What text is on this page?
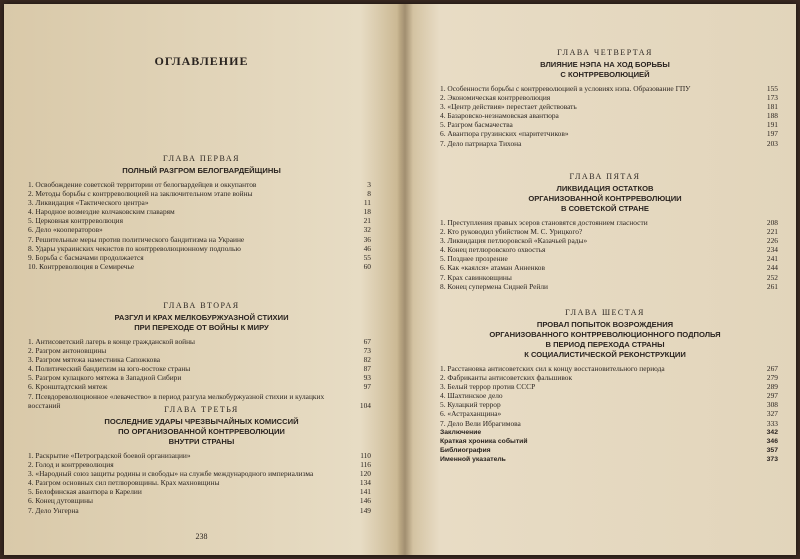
ОГЛАВЛЕНИЕ
ГЛАВА ПЕРВАЯ
ПОЛНЫЙ РАЗГРОМ БЕЛОГВАРДЕЙЩИНЫ
1. Освобождение советской территории от белогвардейцев и оккупантов	3
2. Методы борьбы с контрреволюцией на заключительном этапе войны	8
3. Ликвидация «Тактического центра»	11
4. Народное возмездие колчаковским главарям	18
5. Церковная контрреволюция	21
6. Дело «кооператоров»	32
7. Решительные меры против политического бандитизма на Украине	36
8. Удары украинских чекистов по контрреволюционному подполью	46
9. Борьба с басмачами продолжается	55
10. Контрреволюция в Семиречье	60
ГЛАВА ВТОРАЯ
РАЗГУЛ И КРАХ МЕЛКОБУРЖУАЗНОЙ СТИХИИ
ПРИ ПЕРЕХОДЕ ОТ ВОЙНЫ К МИРУ
1. Антисоветский лагерь в конце гражданской войны	67
2. Разгром антоновщины	73
3. Разгром мятежа наместника Сапожкова	82
4. Политический бандитизм на юго-востоке страны	87
5. Разгром кулацкого мятежа в Западной Сибири	93
6. Кронштадтский мятеж	97
7. Псевдореволюционное «левачество» в период разгула мелкобуржуазной стихии и кулацких восстаний	104
ГЛАВА ТРЕТЬЯ
ПОСЛЕДНИЕ УДАРЫ ЧРЕЗВЫЧАЙНЫХ КОМИССИЙ
ПО ОРГАНИЗОВАННОЙ КОНТРРЕВОЛЮЦИИ
ВНУТРИ СТРАНЫ
1. Раскрытие «Петроградской боевой организации»	110
2. Голод и контрреволюция	116
3. «Народный союз защиты родины и свободы» на службе международного империализма	120
4. Разгром основных сил петлюровщины. Крах махновщины	134
5. Белофинская авантюра в Карелии	141
6. Конец дутовщины	146
7. Дело Унгерна	149
238
ГЛАВА ЧЕТВЕРТАЯ
ВЛИЯНИЕ НЭПА НА ХОД БОРЬБЫ
С КОНТРРЕВОЛЮЦИЕЙ
1. Особенности борьбы с контрреволюцией в условиях нэпа. Образование ГПУ	155
2. Экономическая контрреволюция	173
3. «Центр действия» перестает действовать	181
4. Базаровско-незнамовская авантюра	188
5. Разгром басмачества	191
6. Авантюра грузинских «паритетчиков»	197
7. Дело патриарха Тихона	203
ГЛАВА ПЯТАЯ
ЛИКВИДАЦИЯ ОСТАТКОВ
ОРГАНИЗОВАННОЙ КОНТРРЕВОЛЮЦИИ
В СОВЕТСКОЙ СТРАНЕ
1. Преступления правых эсеров становятся достоянием гласности	208
2. Кто руководил убийством М. С. Урицкого?	221
3. Ликвидация петлюровской «Казачьей рады»	226
4. Конец петлюровского охвостья	234
5. Позднее прозрение	241
6. Как «каялся» атаман Анненков	244
7. Крах савинковщины	252
8. Конец супермена Сидней Рейли	261
ГЛАВА ШЕСТАЯ
ПРОВАЛ ПОПЫТОК ВОЗРОЖДЕНИЯ
ОРГАНИЗОВАННОГО КОНТРРЕВОЛЮЦИОННОГО ПОДПОЛЬЯ
В ПЕРИОД ПЕРЕХОДА СТРАНЫ
К СОЦИАЛИСТИЧЕСКОЙ РЕКОНСТРУКЦИИ
1. Расстановка антисоветских сил к концу восстановительного периода	267
2. Фабриканты антисоветских фальшивок	279
3. Белый террор против СССР	289
4. Шахтинское дело	297
5. Кулацкий террор	308
6. «Астраханщина»	327
7. Дело Вели Ибрагимова	333
Заключение	342
Краткая хроника событий	346
Библиография	357
Именной указатель	373
